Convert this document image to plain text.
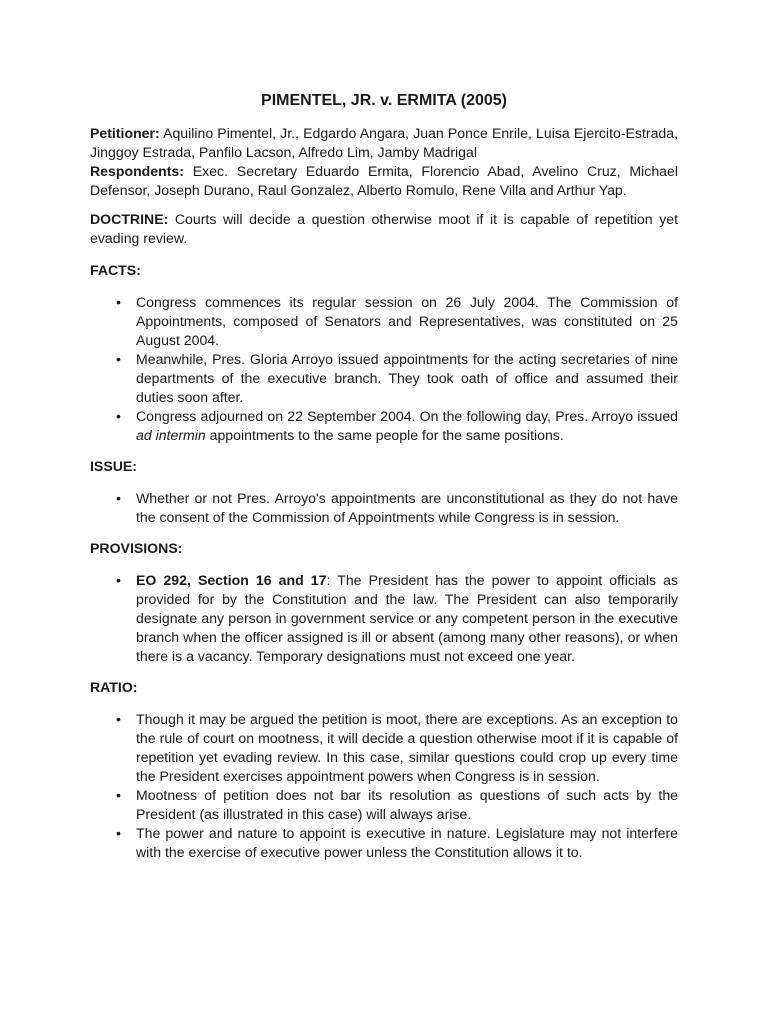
PIMENTEL, JR. v. ERMITA (2005)

Petitioner: Aquilino Pimentel, Jr., Edgardo Angara, Juan Ponce Enrile, Luisa Ejercito-Estrada, Jinggoy Estrada, Panfilo Lacson, Alfredo Lim, Jamby Madrigal

Respondents: Exec. Secretary Eduardo Ermita, Florencio Abad, Avelino Cruz, Michael Defensor, Joseph Durano, Raul Gonzalez, Alberto Romulo, Rene Villa and Arthur Yap.

DOCTRINE: Courts will decide a question otherwise moot if it is capable of repetition yet evading review.

FACTS:
• Congress commences its regular session on 26 July 2004. The Commission of Appointments, composed of Senators and Representatives, was constituted on 25 August 2004.
• Meanwhile, Pres. Gloria Arroyo issued appointments for the acting secretaries of nine departments of the executive branch. They took oath of office and assumed their duties soon after.
• Congress adjourned on 22 September 2004. On the following day, Pres. Arroyo issued ad intermin appointments to the same people for the same positions.
ISSUE:
• Whether or not Pres. Arroyo's appointments are unconstitutional as they do not have the consent of the Commission of Appointments while Congress is in session.
PROVISIONS:
• EO 292, Section 16 and 17: The President has the power to appoint officials as provided for by the Constitution and the law. The President can also temporarily designate any person in government service or any competent person in the executive branch when the officer assigned is ill or absent (among many other reasons), or when there is a vacancy. Temporary designations must not exceed one year.
RATIO:
• Though it may be argued the petition is moot, there are exceptions. As an exception to the rule of court on mootness, it will decide a question otherwise moot if it is capable of repetition yet evading review. In this case, similar questions could crop up every time the President exercises appointment powers when Congress is in session.
• Mootness of petition does not bar its resolution as questions of such acts by the President (as illustrated in this case) will always arise.
• The power and nature to appoint is executive in nature. Legislature may not interfere with the exercise of executive power unless the Constitution allows it to.
